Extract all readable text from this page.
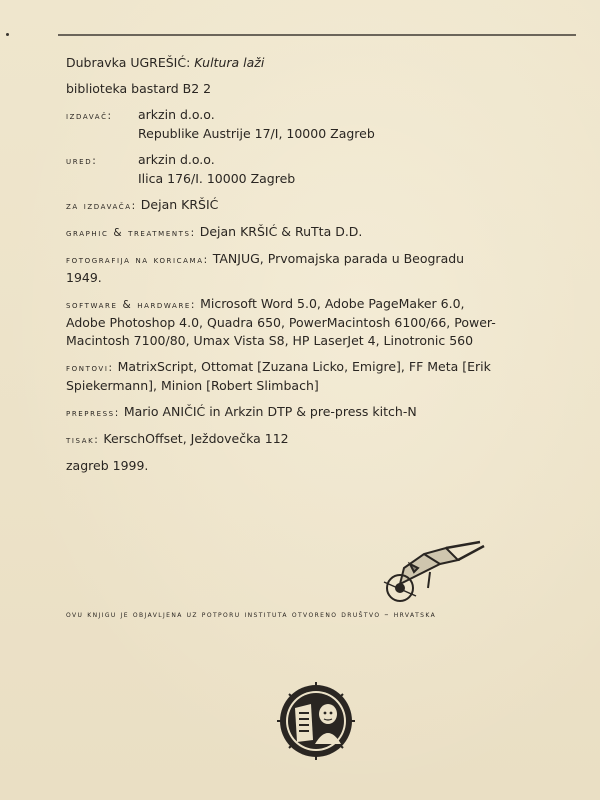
Dubravka UGREŠIĆ: Kultura laži
biblioteka bastard B2 2
izdavač: arkzin d.o.o.
Republike Austrije 17/I, 10000 Zagreb
ured:	arkzin d.o.o.
Ilica 176/I. 10000 Zagreb
za izdavača: Dejan KRŠIĆ
graphic & treatments: Dejan KRŠIĆ & RuTta D.D.
fotografija na koricama: TANJUG, Prvomajska parada u Beogradu
1949.
software & hardware: Microsoft Word 5.0, Adobe PageMaker 6.0,
Adobe Photoshop 4.0, Quadra 650, PowerMacintosh 6100/66, Power-
Macintosh 7100/80, Umax Vista S8, HP LaserJet 4, Linotronic 560
fontovi: MatrixScript, Ottomat [Zuzana Licko, Emigre], FF Meta [Erik
Spiekermann], Minion [Robert Slimbach]
prepress: Mario ANIČIĆ in Arkzin DTP & pre-press kitch-N
tisak: KerschOffset, Ježdovečka 112
zagreb 1999.
ovu knjigu je objavljena uz potporu instituta otvoreno društvo – hrvatska
